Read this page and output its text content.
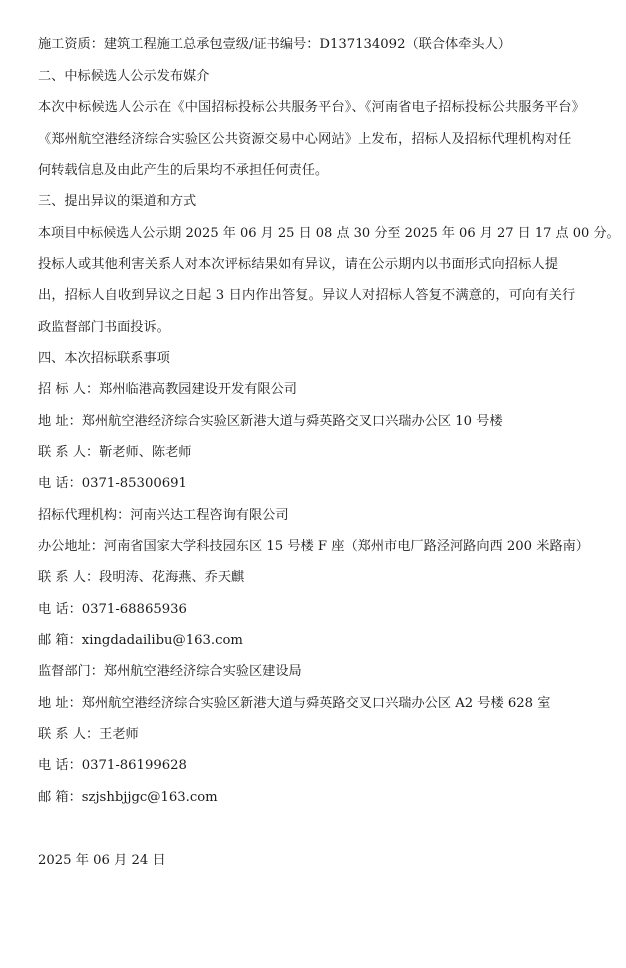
施工资质：建筑工程施工总承包壹级/证书编号：D137134092（联合体牵头人）
二、中标候选人公示发布媒介
本次中标候选人公示在《中国招标投标公共服务平台》、《河南省电子招标投标公共服务平台》
《郑州航空港经济综合实验区公共资源交易中心网站》上发布，招标人及招标代理机构对任
何转载信息及由此产生的后果均不承担任何责任。
三、提出异议的渠道和方式
本项目中标候选人公示期 2025 年 06 月 25 日 08 点 30 分至 2025 年 06 月 27 日 17 点 00 分。
投标人或其他利害关系人对本次评标结果如有异议，请在公示期内以书面形式向招标人提
出，招标人自收到异议之日起 3 日内作出答复。异议人对招标人答复不满意的，可向有关行
政监督部门书面投诉。
四、本次招标联系事项
招 标 人：郑州临港高教园建设开发有限公司
地 址：郑州航空港经济综合实验区新港大道与舜英路交叉口兴瑞办公区 10 号楼
联 系 人：靳老师、陈老师
电 话：0371-85300691
招标代理机构：河南兴达工程咨询有限公司
办公地址：河南省国家大学科技园东区 15 号楼 F 座（郑州市电厂路泾河路向西 200 米路南）
联 系 人：段明涛、花海燕、乔天麒
电 话：0371-68865936
邮 箱：xingdadailibu@163.com
监督部门：郑州航空港经济综合实验区建设局
地 址：郑州航空港经济综合实验区新港大道与舜英路交叉口兴瑞办公区 A2 号楼 628 室
联 系 人：王老师
电 话：0371-86199628
邮 箱：szjshbjjgc@163.com
2025 年 06 月 24 日
